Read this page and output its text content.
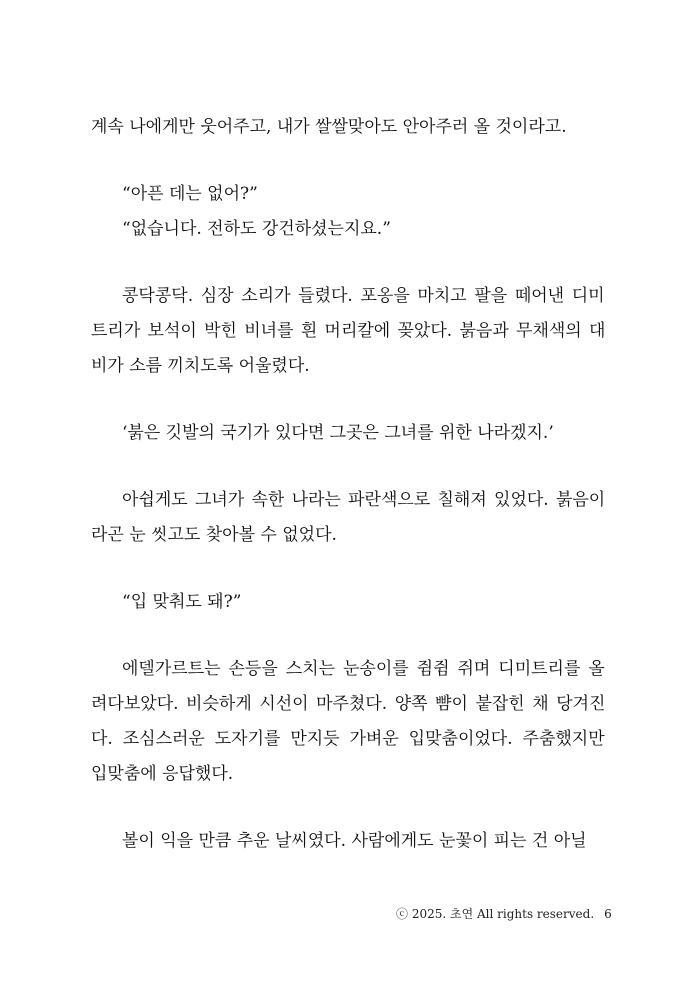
계속 나에게만 웃어주고, 내가 쌀쌀맞아도 안아주러 올 것이라고.
“아픈 데는 없어?”
“없습니다. 전하도 강건하셨는지요.”
콩닥콩닥. 심장 소리가 들렸다. 포옹을 마치고 팔을 떼어낸 디미
트리가 보석이 박힌 비녀를 흰 머리칼에 꽂았다. 붉음과 무채색의 대
비가 소름 끼치도록 어울렸다.
‘붉은 깃발의 국기가 있다면 그곳은 그녀를 위한 나라겠지.’
아쉽게도 그녀가 속한 나라는 파란색으로 칠해져 있었다. 붉음이
라곤 눈 씻고도 찾아볼 수 없었다.
“입 맞춰도 돼?”
에델가르트는 손등을 스치는 눈송이를 쥠쥠 쥐며 디미트리를 올
려다보았다. 비슷하게 시선이 마주쳤다. 양쪽 뺨이 붙잡힌 채 당겨진
다. 조심스러운 도자기를 만지듯 가벼운 입맞춤이었다. 주춤했지만
입맞춤에 응답했다.
볼이 익을 만큼 추운 날씨였다. 사람에게도 눈꽃이 피는 건 아닐
ⓒ 2025. 초연 All rights reserved. 6
